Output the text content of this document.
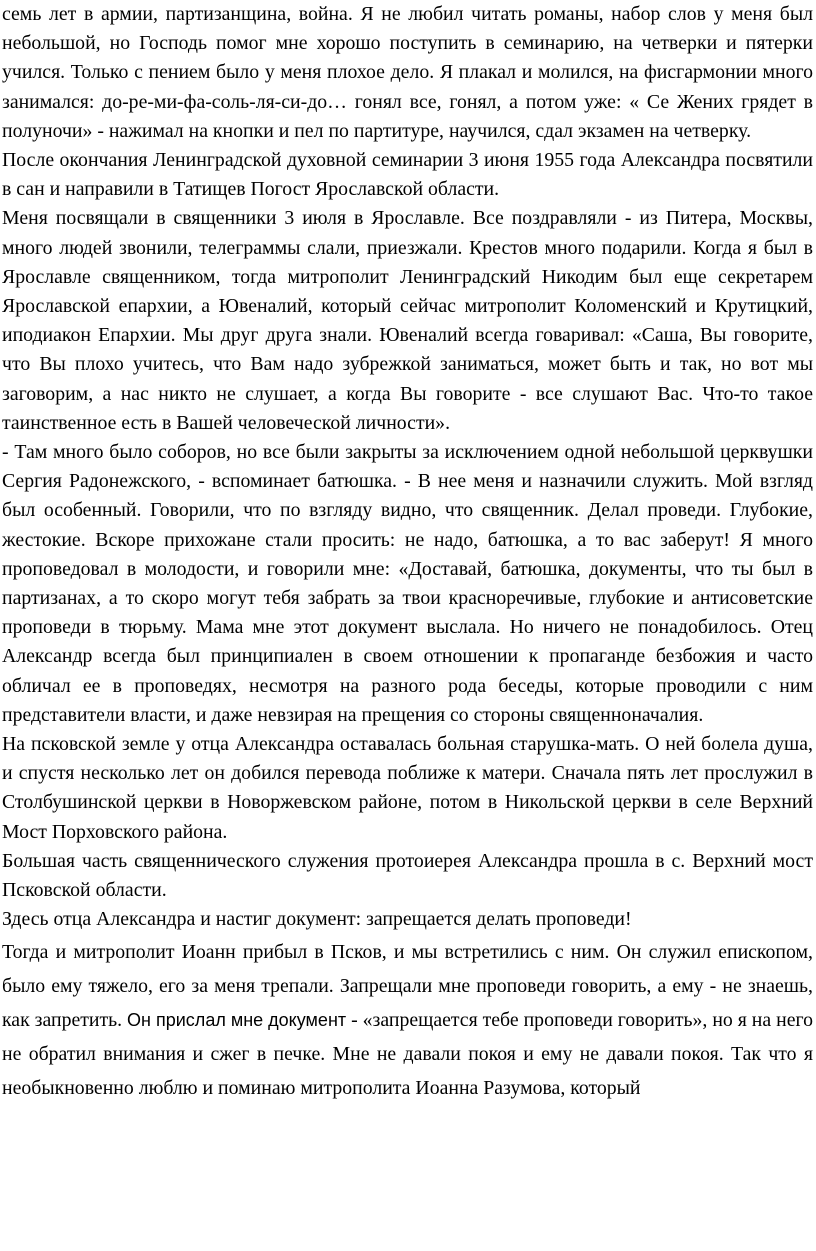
семь лет в армии, партизанщина, война. Я не любил читать романы, набор слов у меня был небольшой, но Господь помог мне хорошо поступить в семинарию, на четверки и пятерки учился. Только с пением было у меня плохое дело. Я плакал и молился, на фисгармонии много занимался: до-ре-ми-фа-соль-ля-си-до… гонял все, гонял, а потом уже: « Се Жених грядет в полуночи» - нажимал на кнопки и пел по партитуре, научился, сдал экзамен на четверку.

После окончания Ленинградской духовной семинарии 3 июня 1955 года Александра посвятили в сан и направили в Татищев Погост Ярославской области.

Меня посвящали в священники 3 июля в Ярославле. Все поздравляли - из Питера, Москвы, много людей звонили, телеграммы слали, приезжали. Крестов много подарили. Когда я был в Ярославле священником, тогда митрополит Ленинградский Никодим был еще секретарем Ярославской епархии, а Ювеналий, который сейчас митрополит Коломенский и Крутицкий, иподиакон Епархии. Мы друг друга знали. Ювеналий всегда говаривал: «Саша, Вы говорите, что Вы плохо учитесь, что Вам надо зубрежкой заниматься, может быть и так, но вот мы заговорим, а нас никто не слушает, а когда Вы говорите - все слушают Вас. Что-то такое таинственное есть в Вашей человеческой личности».

- Там много было соборов, но все были закрыты за исключением одной небольшой церквушки Сергия Радонежского, - вспоминает батюшка. - В нее меня и назначили служить. Мой взгляд был особенный. Говорили, что по взгляду видно, что священник. Делал проведи. Глубокие, жестокие. Вскоре прихожане стали просить: не надо, батюшка, а то вас заберут! Я много проповедовал в молодости, и говорили мне: «Доставай, батюшка, документы, что ты был в партизанах, а то скоро могут тебя забрать за твои красноречивые, глубокие и антисоветские проповеди в тюрьму. Мама мне этот документ выслала. Но ничего не понадобилось. Отец Александр всегда был принципиален в своем отношении к пропаганде безбожия и часто обличал ее в проповедях, несмотря на разного рода беседы, которые проводили с ним представители власти, и даже невзирая на прещения со стороны священноначалия.

На псковской земле у отца Александра оставалась больная старушка-мать. О ней болела душа, и спустя несколько лет он добился перевода поближе к матери. Сначала пять лет прослужил в Столбушинской церкви в Новоржевском районе, потом в Никольской церкви в селе Верхний Мост Порховского района.

Большая часть священнического служения протоиерея Александра прошла в с. Верхний мост Псковской области.

Здесь отца Александра и настиг документ: запрещается делать проповеди!

Тогда и митрополит Иоанн прибыл в Псков, и мы встретились с ним. Он служил епископом, было ему тяжело, его за меня трепали. Запрещали мне проповеди говорить, а ему - не знаешь, как запретить. Он прислал мне документ - «запрещается тебе проповеди говорить», но я на него не обратил внимания и сжег в печке. Мне не давали покоя и ему не давали покоя. Так что я необыкновенно люблю и поминаю митрополита Иоанна Разумова, который
